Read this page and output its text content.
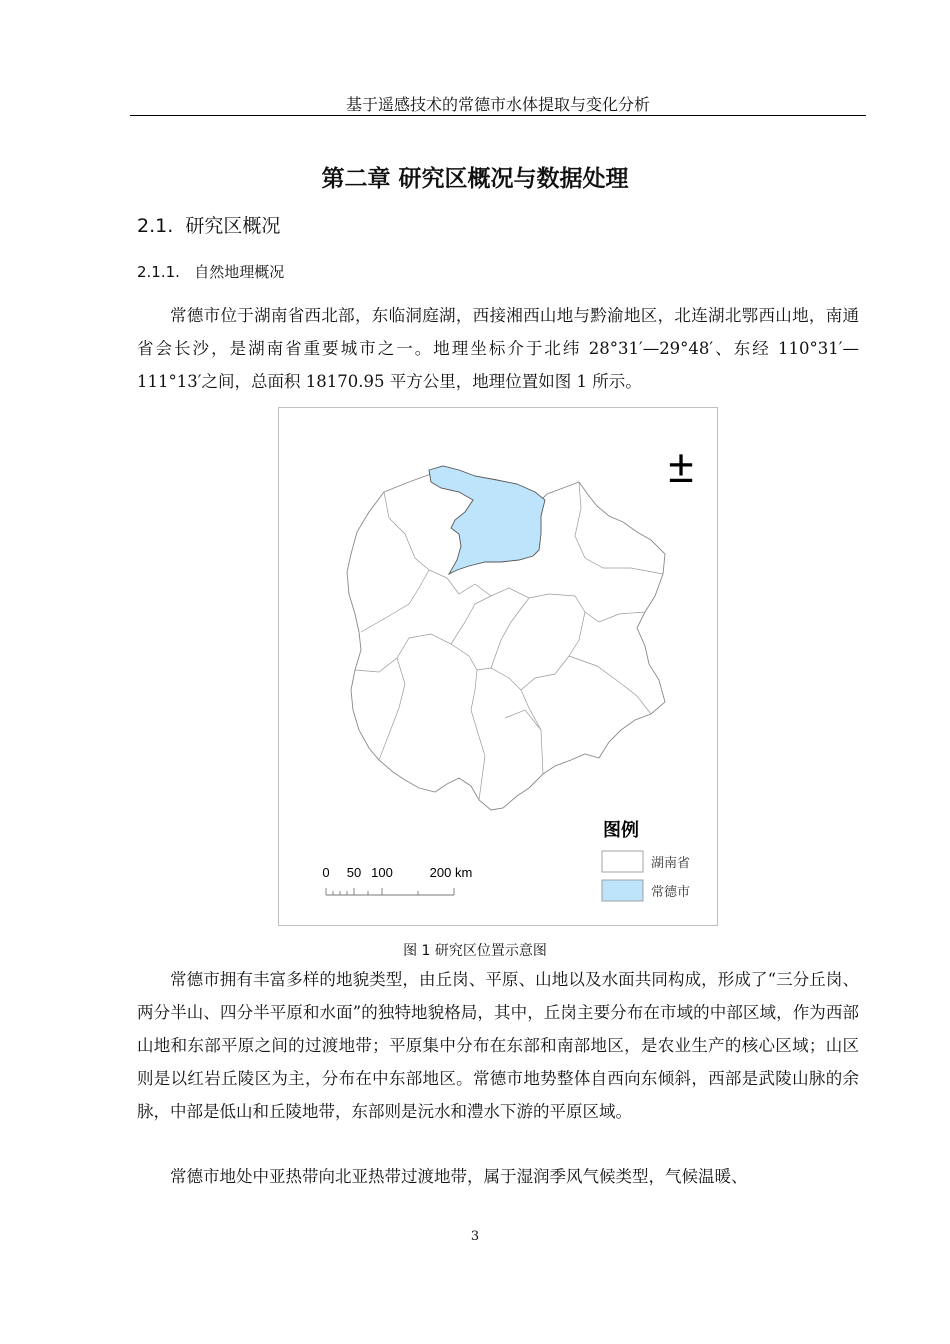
基于遥感技术的常德市水体提取与变化分析
第二章 研究区概况与数据处理
2.1. 研究区概况
2.1.1. 自然地理概况

常德市位于湖南省西北部，东临洞庭湖，西接湘西山地与黔渝地区，北连湖北鄂西山地，南通省会长沙，是湖南省重要城市之一。地理坐标介于北纬 28°31′—29°48′、东经 110°31′—111°13′之间，总面积 18170.95 平方公里，地理位置如图 1 所示。

±
0 50 100	200 km
图例
湖南省
常德市
图 1 研究区位置示意图

常德市拥有丰富多样的地貌类型，由丘岗、平原、山地以及水面共同构成，形成了“三分丘岗、两分半山、四分半平原和水面”的独特地貌格局，其中，丘岗主要分布在市域的中部区域，作为西部山地和东部平原之间的过渡地带；平原集中分布在东部和南部地区，是农业生产的核心区域；山区则是以红岩丘陵区为主，分布在中东部地区。常德市地势整体自西向东倾斜，西部是武陵山脉的余脉，中部是低山和丘陵地带，东部则是沅水和澧水下游的平原区域。

常德市地处中亚热带向北亚热带过渡地带，属于湿润季风气候类型，气候温暖、

3
